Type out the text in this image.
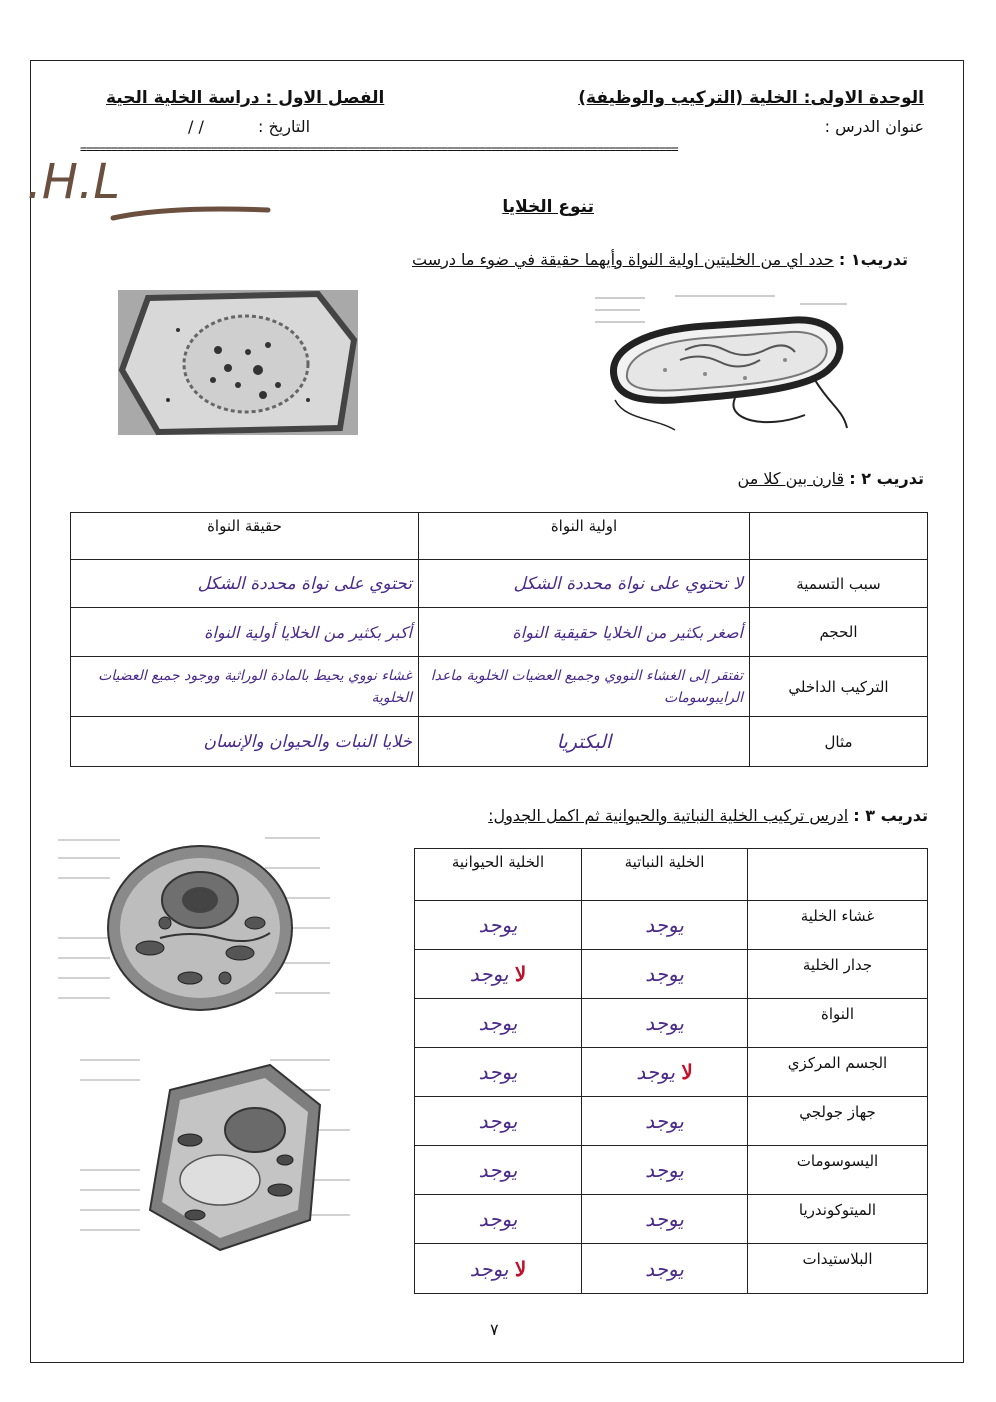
الوحدة الاولى: الخلية (التركيب والوظيفة)
الفصل الاول : دراسة الخلية الحية
عنوان الدرس :
التاريخ :
/ /
================================================================================================
H.L.	تنوع الخلايا
تدريب١ : حدد اي من الخليتين اولية النواة وأيهما حقيقة في ضوء ما درست
تدريب ٢ : قارن بين كلا من
	اولية النواة	حقيقة النواة
سبب التسمية	لا تحتوي على نواة محددة الشكل	تحتوي على نواة محددة الشكل
الحجم	أصغر بكثير من الخلايا حقيقية النواة	أكبر بكثير من الخلايا أولية النواة
التركيب الداخلي	تفتقر إلى الغشاء النووي وجميع العضيات الخلوية ماعدا الرايبوسومات	غشاء نووي يحيط بالمادة الوراثية ووجود جميع العضيات الخلوية
مثال	البكتريا	خلايا النبات والحيوان والإنسان
تدريب ٣ : ادرس تركيب الخلية النباتية والحيوانية ثم اكمل الجدول:
	الخلية النباتية	الخلية الحيوانية
غشاء الخلية	يوجد	يوجد
جدار الخلية	يوجد	لا يوجد
النواة	يوجد	يوجد
الجسم المركزي	لا يوجد	يوجد
جهاز جولجي	يوجد	يوجد
اليسوسومات	يوجد	يوجد
الميتوكوندريا	يوجد	يوجد
البلاستيدات	يوجد	لا يوجد
٧
